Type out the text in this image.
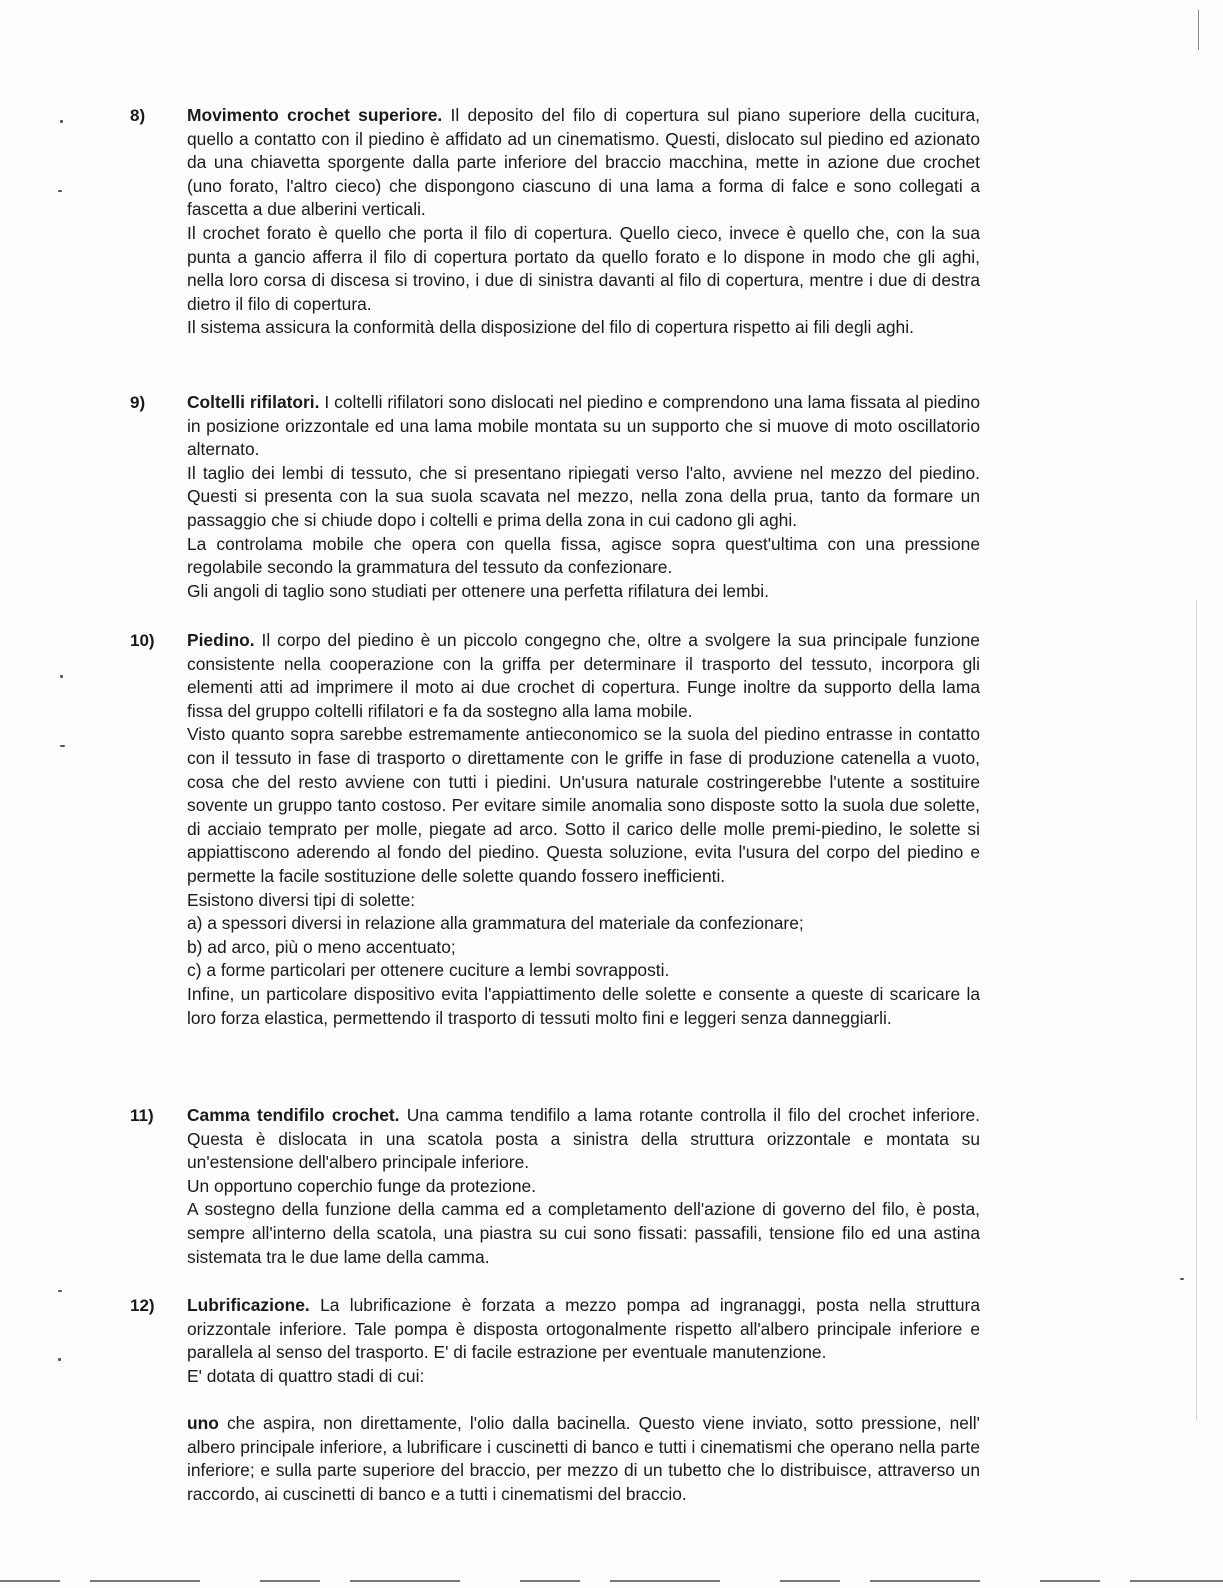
8) Movimento crochet superiore. Il deposito del filo di copertura sul piano superiore della cucitura, quello a contatto con il piedino è affidato ad un cinematismo. Questi, dislocato sul piedino ed azionato da una chiavetta sporgente dalla parte inferiore del braccio macchina, mette in azione due crochet (uno forato, l'altro cieco) che dispongono ciascuno di una lama a forma di falce e sono collegati a fascetta a due alberini verticali.

Il crochet forato è quello che porta il filo di copertura. Quello cieco, invece è quello che, con la sua punta a gancio afferra il filo di copertura portato da quello forato e lo dispone in modo che gli aghi, nella loro corsa di discesa si trovino, i due di sinistra davanti al filo di copertura, mentre i due di destra dietro il filo di copertura.

Il sistema assicura la conformità della disposizione del filo di copertura rispetto ai fili degli aghi.

9) Coltelli rifilatori. I coltelli rifilatori sono dislocati nel piedino e comprendono una lama fissata al piedino in posizione orizzontale ed una lama mobile montata su un supporto che si muove di moto oscillatorio alternato.

Il taglio dei lembi di tessuto, che si presentano ripiegati verso l'alto, avviene nel mezzo del piedino. Questi si presenta con la sua suola scavata nel mezzo, nella zona della prua, tanto da formare un passaggio che si chiude dopo i coltelli e prima della zona in cui cadono gli aghi.

La controlama mobile che opera con quella fissa, agisce sopra quest'ultima con una pressione regolabile secondo la grammatura del tessuto da confezionare.

Gli angoli di taglio sono studiati per ottenere una perfetta rifilatura dei lembi.

10) Piedino. Il corpo del piedino è un piccolo congegno che, oltre a svolgere la sua principale funzione consistente nella cooperazione con la griffa per determinare il trasporto del tessuto, incorpora gli elementi atti ad imprimere il moto ai due crochet di copertura. Funge inoltre da supporto della lama fissa del gruppo coltelli rifilatori e fa da sostegno alla lama mobile.

Visto quanto sopra sarebbe estremamente antieconomico se la suola del piedino entrasse in contatto con il tessuto in fase di trasporto o direttamente con le griffe in fase di produzione catenella a vuoto, cosa che del resto avviene con tutti i piedini. Un'usura naturale costringerebbe l'utente a sostituire sovente un gruppo tanto costoso. Per evitare simile anomalia sono disposte sotto la suola due solette, di acciaio temprato per molle, piegate ad arco. Sotto il carico delle molle premi-piedino, le solette si appiattiscono aderendo al fondo del piedino. Questa soluzione, evita l'usura del corpo del piedino e permette la facile sostituzione delle solette quando fossero inefficienti.

Esistono diversi tipi di solette:

a) a spessori diversi in relazione alla grammatura del materiale da confezionare;

b) ad arco, più o meno accentuato;

c) a forme particolari per ottenere cuciture a lembi sovrapposti.

Infine, un particolare dispositivo evita l'appiattimento delle solette e consente a queste di scaricare la loro forza elastica, permettendo il trasporto di tessuti molto fini e leggeri senza danneggiarli.

11) Camma tendifilo crochet. Una camma tendifilo a lama rotante controlla il filo del crochet inferiore. Questa è dislocata in una scatola posta a sinistra della struttura orizzontale e montata su un'estensione dell'albero principale inferiore.

Un opportuno coperchio funge da protezione.

A sostegno della funzione della camma ed a completamento dell'azione di governo del filo, è posta, sempre all'interno della scatola, una piastra su cui sono fissati: passafili, tensione filo ed una astina sistemata tra le due lame della camma.

12) Lubrificazione. La lubrificazione è forzata a mezzo pompa ad ingranaggi, posta nella struttura orizzontale inferiore. Tale pompa è disposta ortogonalmente rispetto all'albero principale inferiore e parallela al senso del trasporto. E' di facile estrazione per eventuale manutenzione.

E' dotata di quattro stadi di cui:

uno che aspira, non direttamente, l'olio dalla bacinella. Questo viene inviato, sotto pressione, nell' albero principale inferiore, a lubrificare i cuscinetti di banco e tutti i cinematismi che operano nella parte inferiore; e sulla parte superiore del braccio, per mezzo di un tubetto che lo distribuisce, attraverso un raccordo, ai cuscinetti di banco e a tutti i cinematismi del braccio.
